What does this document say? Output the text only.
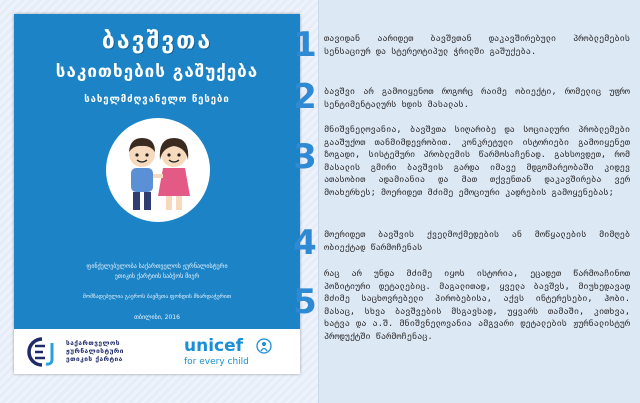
ბავშვთა
საკითხების გაშუქება
სახელმძღვანელო წესები
ფინქულებულობა საქართველოს ჟურნალისტური
ეთიკის ქარტიის საბჭოს მიერ
მომზადებულია გაეროს ბავშვთა ფონდის მხარდაჭერით
თბილისი, 2016
საქართველოს
ჟურნალისტური
ეთიკის ქარტია
unicef
for every child
1 თავიდან აარიდეთ ბავშვთან დაკავშირებული პრობლემების სენსაციურ და სტერეოტიპულ ჭრილში გაშუქება.
2 ბავშვი არ გამოიყენოთ როგორც რაიმე ობიექტი, რომელიც უფრო სენტიმენტალურს ხდის მასალას.
3
მნიშვნელოვანია, ბავშვთა სიღარიბე და სოციალური პრობლემები გააშუქოთ თანმიმდევრობით. კონკრეტული ისტორიები გამოიყენეთ ზოგადი, სისტემური პრობლემის წარმოსაჩენად. გახსოვდეთ, რომ მასალის გმირი ბავშვის გარდა იმავე მდგომარეობაში კიდევ ათასობით ადამიანია და მათ თქვენთან დაკავშირება ვერ მოახერხეს; მოერიდეთ მძიმე ემოციური კადრების გამოყენებას;
4 მოერიდეთ ბავშვის ქველმოქმედების ან მოწყალების მიმღებ ობიექტად წარმოჩენას
5
რაც არ უნდა მძიმე იყოს ისტორია, ეცადეთ წარმოაჩინოთ პოზიტიური დეტალებიც. მაგალითად, ყველა ბავშვს, მიუხედავად მძიმე საცხოვრებელი პირობებისა, აქვს ინტერესები, ჰობი. მასაც, სხვა ბავშვების მსგავსად, უყვარს თამაში, კითხვა, ხატვა და ა.შ. მნიშვნელოვანია ამგვარი დეტალების ჟურნალისტურ პროდუქტში წარმოჩენაც.
